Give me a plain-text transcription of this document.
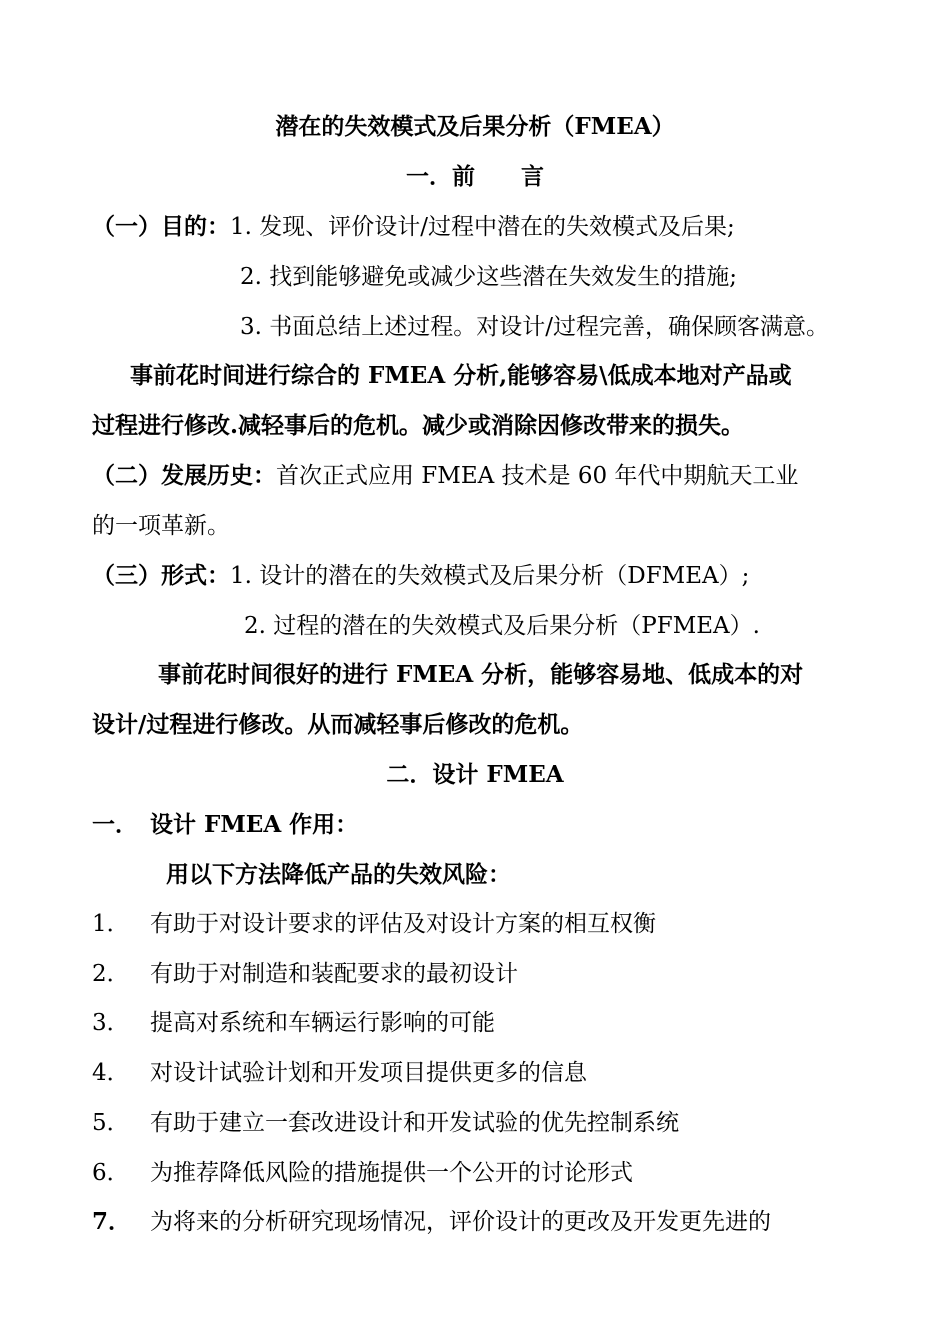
潜在的失效模式及后果分析（FMEA）
一．前　　言
（一）目的：1. 发现、评价设计/过程中潜在的失效模式及后果;
2. 找到能够避免或减少这些潜在失效发生的措施;
3. 书面总结上述过程。对设计/过程完善，确保顾客满意。
事前花时间进行综合的 FMEA 分析,能够容易\低成本地对产品或
过程进行修改.减轻事后的危机。减少或消除因修改带来的损失。
（二）发展历史：首次正式应用 FMEA 技术是 60 年代中期航天工业
的一项革新。
（三）形式：1. 设计的潜在的失效模式及后果分析（DFMEA）;
2. 过程的潜在的失效模式及后果分析（PFMEA）.
事前花时间很好的进行 FMEA 分析，能够容易地、低成本的对
设计/过程进行修改。从而减轻事后修改的危机。
二．设计 FMEA
一． 设计 FMEA 作用：
用以下方法降低产品的失效风险：
1． 有助于对设计要求的评估及对设计方案的相互权衡
2． 有助于对制造和装配要求的最初设计
3． 提高对系统和车辆运行影响的可能
4． 对设计试验计划和开发项目提供更多的信息
5． 有助于建立一套改进设计和开发试验的优先控制系统
6． 为推荐降低风险的措施提供一个公开的讨论形式
7． 为将来的分析研究现场情况，评价设计的更改及开发更先进的
